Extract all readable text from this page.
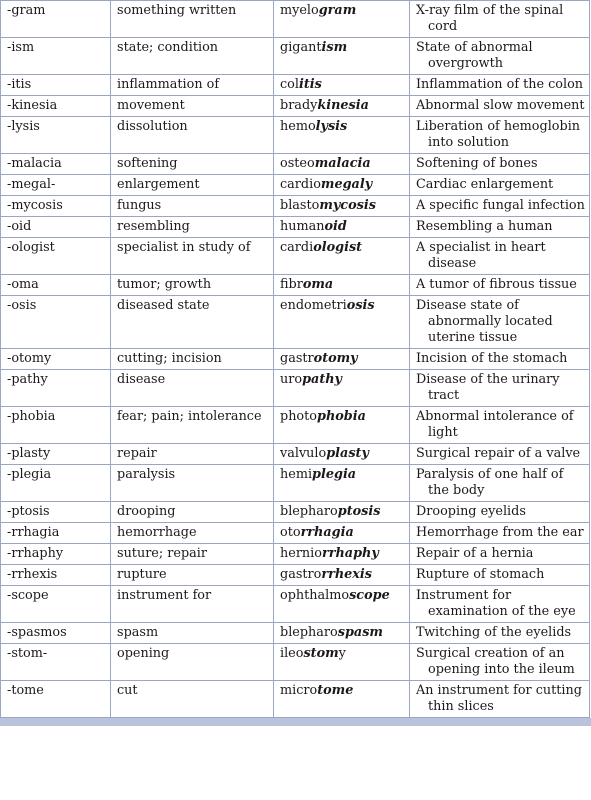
-gram	something written	myelogram	X-ray film of the spinal cord

-ism	state; condition	gigantism	State of abnormal overgrowth

-itis	inflammation of	colitis	Inflammation of the colon

-kinesia	movement	bradykinesia	Abnormal slow movement

-lysis	dissolution	hemolysis	Liberation of hemoglobin into solution

-malacia	softening	osteomalacia	Softening of bones

-megal-	enlargement	cardiomegaly	Cardiac enlargement

-mycosis	fungus	blastomycosis	A specific fungal infection

-oid	resembling	humanoid	Resembling a human

-ologist	specialist in study of	cardiologist	A specialist in heart disease

-oma	tumor; growth	fibroma	A tumor of fibrous tissue

-osis	diseased state	endometriosis	Disease state of abnormally located uterine tissue

-otomy	cutting; incision	gastrotomy	Incision of the stomach

-pathy	disease	uropathy	Disease of the urinary tract

-phobia	fear; pain; intolerance	photophobia	Abnormal intolerance of light

-plasty	repair	valvuloplasty	Surgical repair of a valve

-plegia	paralysis	hemiplegia	Paralysis of one half of the body

-ptosis	drooping	blepharoptosis	Drooping eyelids

-rrhagia	hemorrhage	otorrhagia	Hemorrhage from the ear

-rrhaphy	suture; repair	herniorrhaphy	Repair of a hernia

-rrhexis	rupture	gastrorrhexis	Rupture of stomach

-scope	instrument for	ophthalmoscope	Instrument for examination of the eye

-spasmos	spasm	blepharospasm	Twitching of the eyelids

-stom-	opening	ileostomy	Surgical creation of an opening into the ileum

-tome	cut	microtome	An instrument for cutting thin slices
